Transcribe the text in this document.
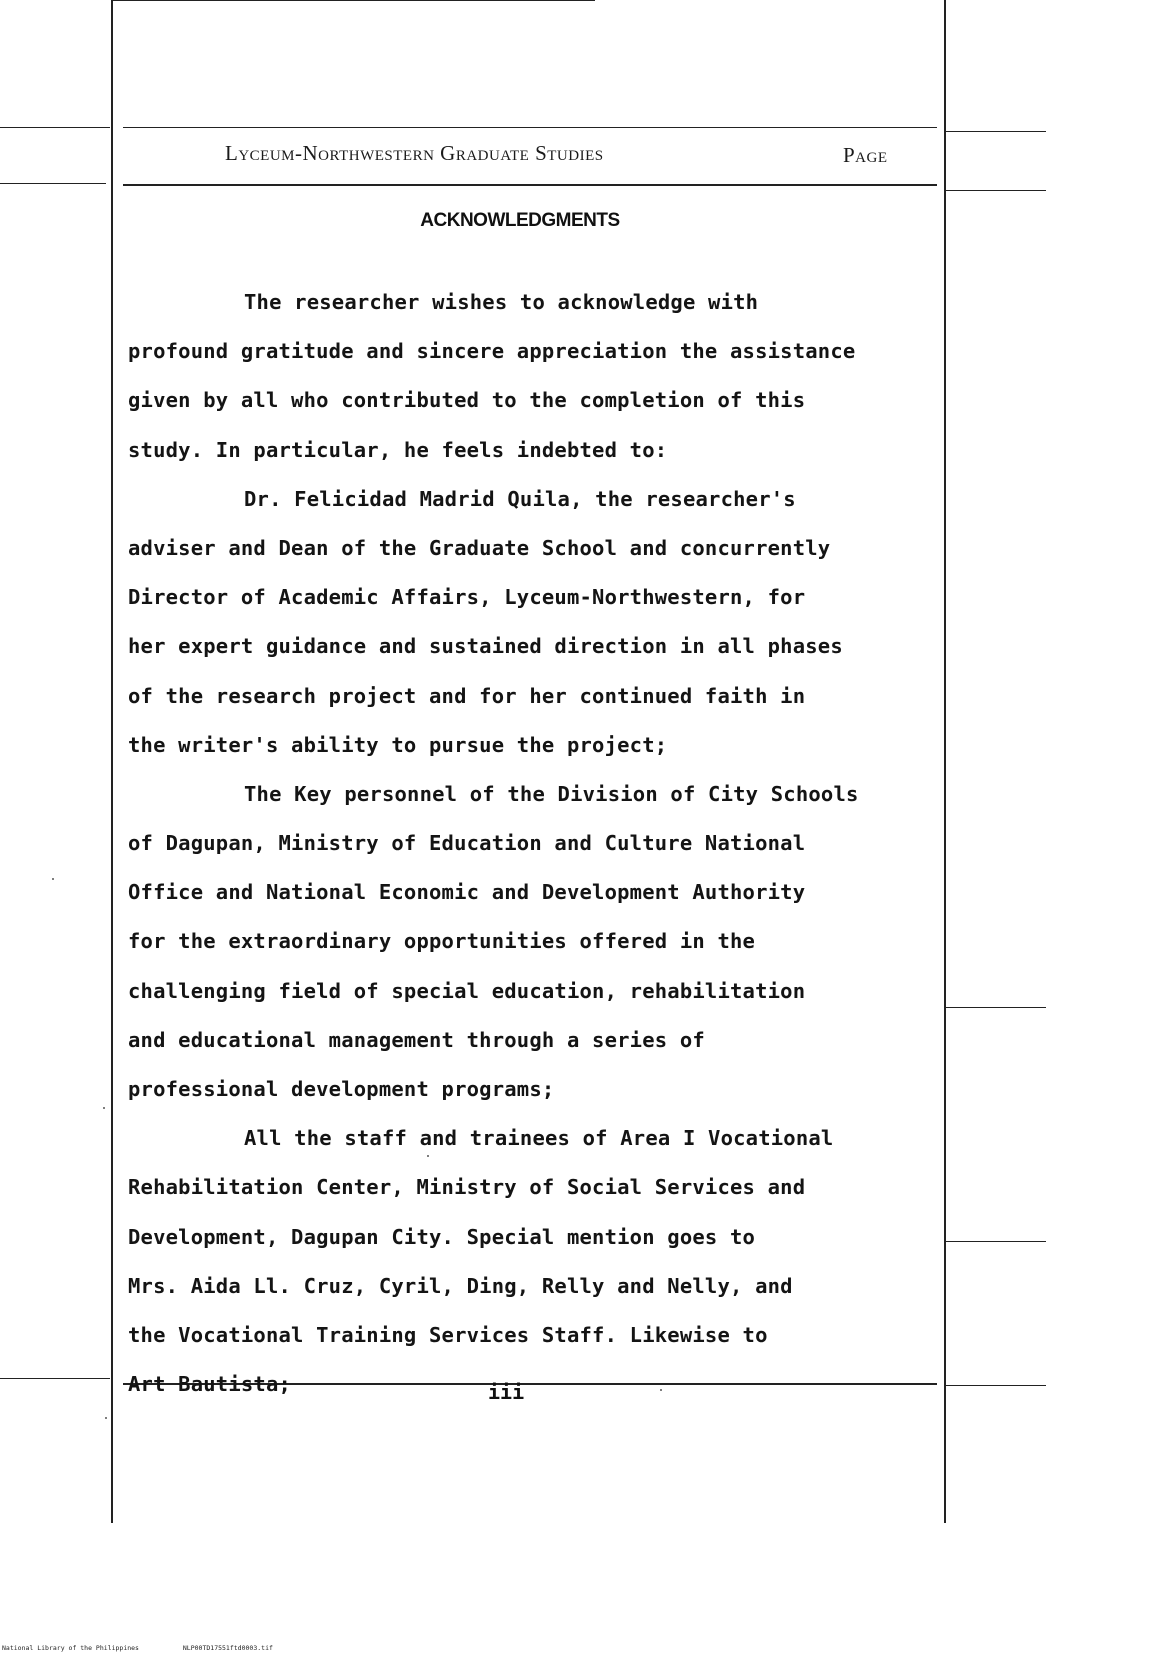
Lyceum-Northwestern Graduate Studies	Page
ACKNOWLEDGMENTS
The researcher wishes to acknowledge with
profound gratitude and sincere appreciation the assistance
given by all who contributed to the completion of this
study. In particular, he feels indebted to:
Dr. Felicidad Madrid Quila, the researcher's
adviser and Dean of the Graduate School and concurrently
Director of Academic Affairs, Lyceum-Northwestern, for
her expert guidance and sustained direction in all phases
of the research project and for her continued faith in
the writer's ability to pursue the project;
The Key personnel of the Division of City Schools
of Dagupan, Ministry of Education and Culture National
Office and National Economic and Development Authority
for the extraordinary opportunities offered in the
challenging field of special education, rehabilitation
and educational management through a series of
professional development programs;
All the staff and trainees of Area I Vocational
Rehabilitation Center, Ministry of Social Services and
Development, Dagupan City. Special mention goes to
Mrs. Aida Ll. Cruz, Cyril, Ding, Relly and Nelly, and
the Vocational Training Services Staff. Likewise to
Art Bautista;	iii
National Library of the Philippines	NLP00TD17551ftd0003.tif
